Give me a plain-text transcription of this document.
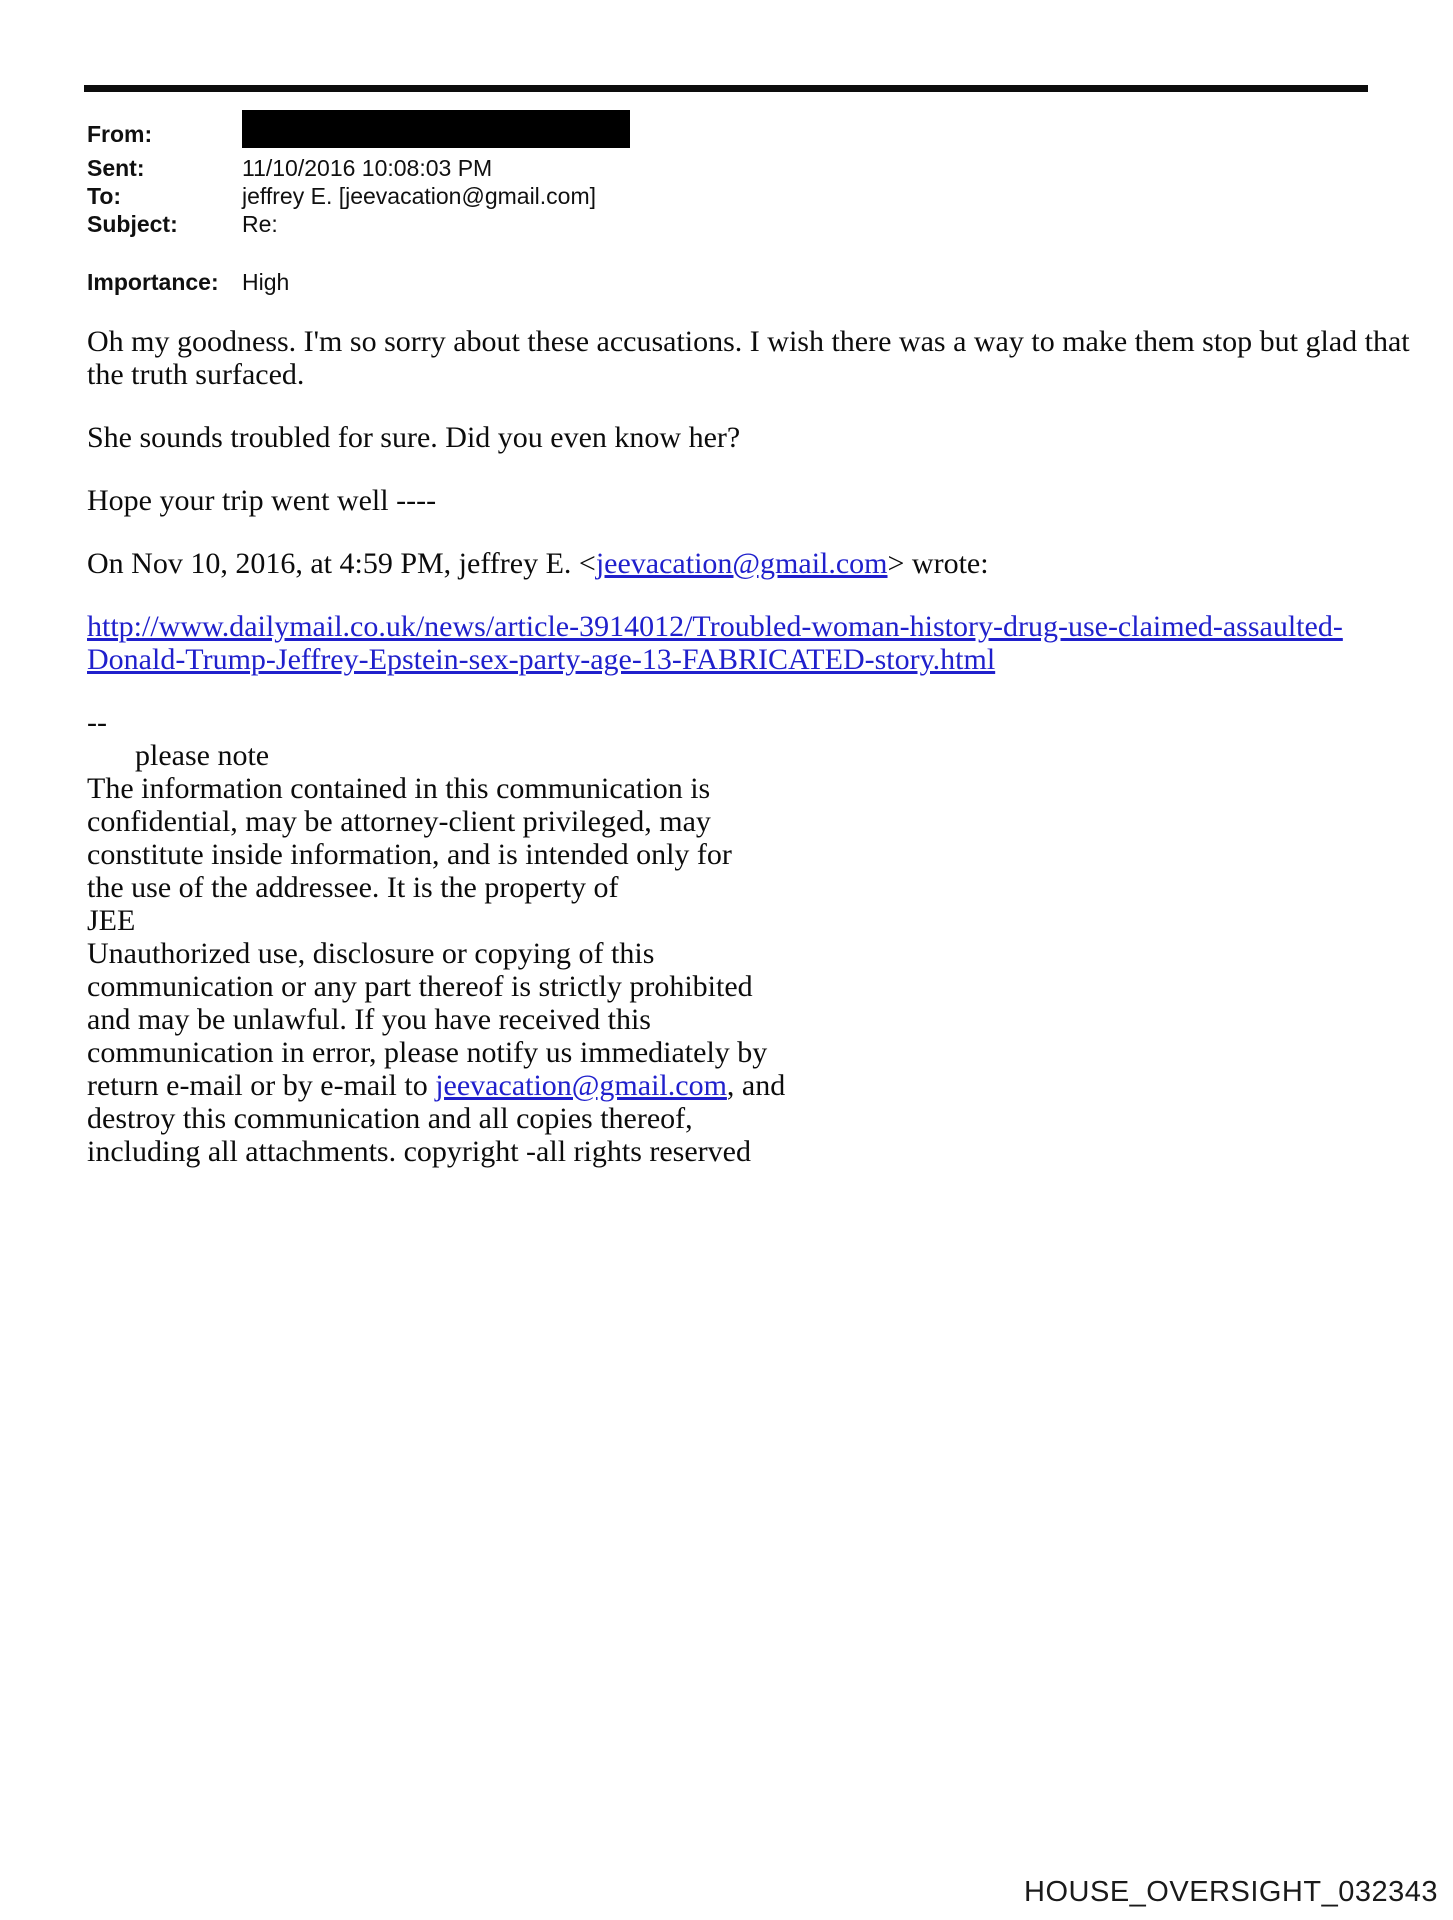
From:
Sent:	11/10/2016 10:08:03 PM
To:	jeffrey E. [jeevacation@gmail.com]
Subject:	Re:
Importance:	High
Oh my goodness. I'm so sorry about these accusations. I wish there was a way to make them stop but glad that
the truth surfaced.
She sounds troubled for sure. Did you even know her?
Hope your trip went well ----
On Nov 10, 2016, at 4:59 PM, jeffrey E. <jeevacation@gmail.com> wrote:
http://www.dailymail.co.uk/news/article-3914012/Troubled-woman-history-drug-use-claimed-assaulted-
Donald-Trump-Jeffrey-Epstein-sex-party-age-13-FABRICATED-story.html
--
please note
The information contained in this communication is
confidential, may be attorney-client privileged, may
constitute inside information, and is intended only for
the use of the addressee. It is the property of
JEE
Unauthorized use, disclosure or copying of this
communication or any part thereof is strictly prohibited
and may be unlawful. If you have received this
communication in error, please notify us immediately by
return e-mail or by e-mail to jeevacation@gmail.com, and
destroy this communication and all copies thereof,
including all attachments. copyright -all rights reserved
HOUSE_OVERSIGHT_032343
